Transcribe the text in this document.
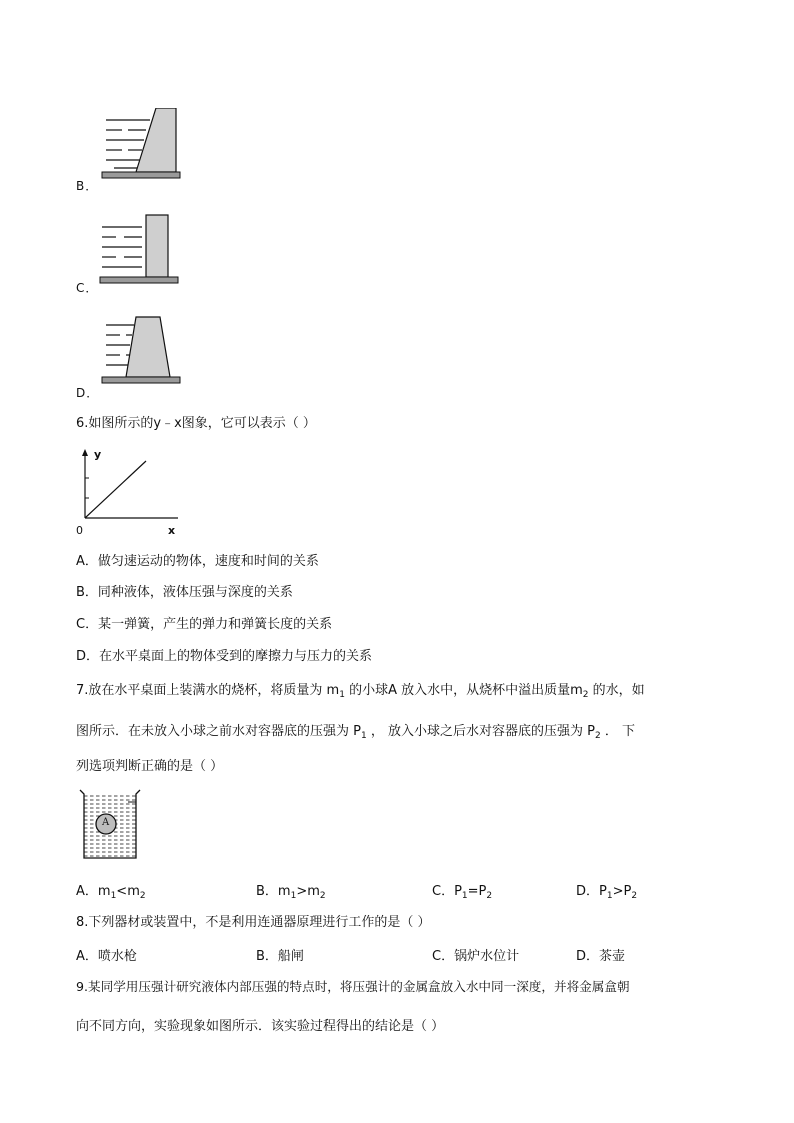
B．
C．
D．
6.如图所示的y﹣x图象，它可以表示（ ）
y
x
0
A．做匀速运动的物体，速度和时间的关系
B．同种液体，液体压强与深度的关系
C．某一弹簧，产生的弹力和弹簧长度的关系
D．在水平桌面上的物体受到的摩擦力与压力的关系
7.放在水平桌面上装满水的烧杯，将质量为 $m_1$ 的小球A 放入水中，从烧杯中溢出质量$m_2$ 的水，如
图所示．在未放入小球之前水对容器底的压强为 $P_1$ ， 放入小球之后水对容器底的压强为 $P_2$ ． 下
列选项判断正确的是（ ）
A
A．$m_1<m_2$	B．$m_1>m_2$	C．$P_1=P_2$	D．$P_1>P_2$
8.下列器材或装置中，不是利用连通器原理进行工作的是（ ）
A．喷水枪	B．船闸	C．锅炉水位计	D．茶壶
9.某同学用压强计研究液体内部压强的特点时，将压强计的金属盒放入水中同一深度，并将金属盒朝
向不同方向，实验现象如图所示．该实验过程得出的结论是（ ）
